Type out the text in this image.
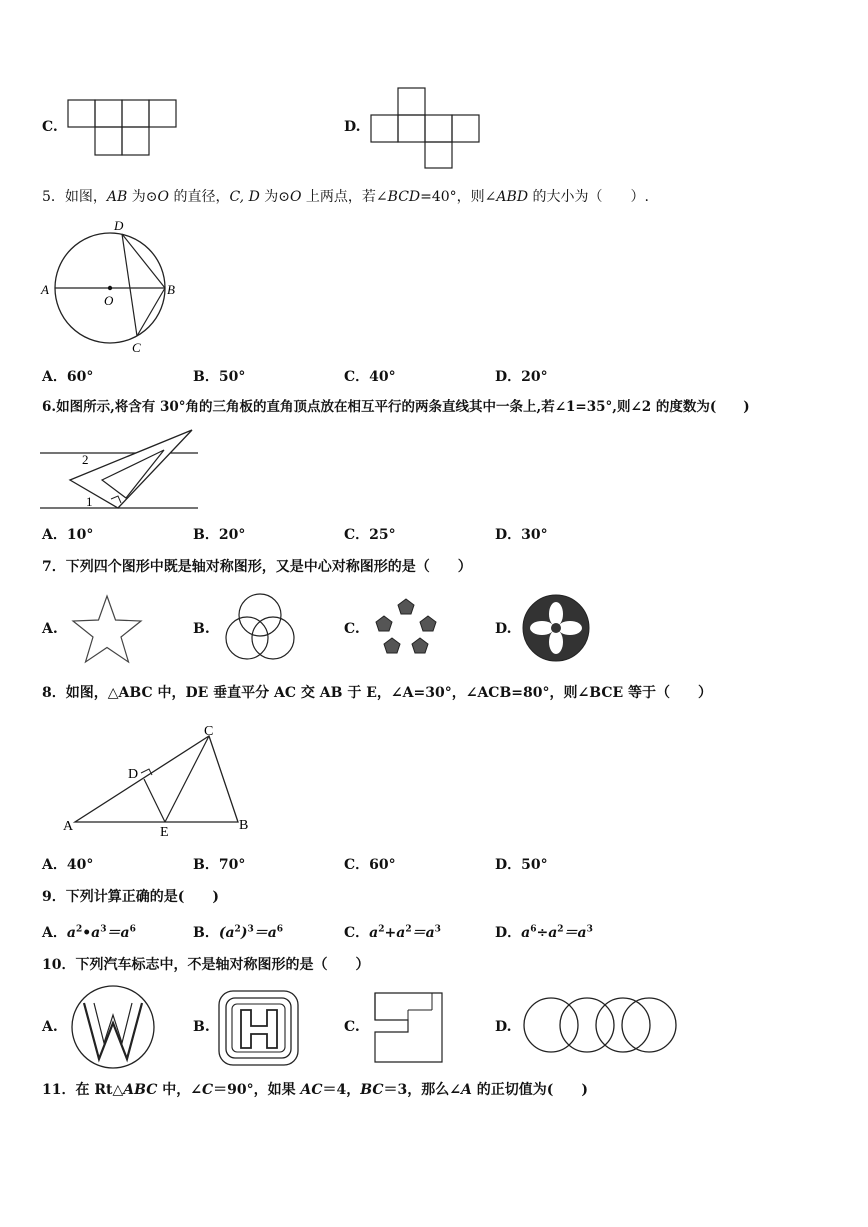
C.	D.
5．如图，AB 为⊙O 的直径，C, D 为⊙O 上两点，若∠BCD=40°，则∠ABD 的大小为（　　）.
A	B
C
D
O
A．60°	B．50°	C．40°	D．20°
6.如图所示,将含有 30°角的三角板的直角顶点放在相互平行的两条直线其中一条上,若∠1=35°,则∠2 的度数为(　　)
2
1
A．10°	B．20°	C．25°	D．30°
7．下列四个图形中既是轴对称图形，又是中心对称图形的是（　　）
A.	B.	C.	D.
8．如图，△ABC 中，DE 垂直平分 AC 交 AB 于 E，∠A=30°，∠ACB=80°，则∠BCE 等于（　　）
A	B
C
D
E
A．40°	B．70°	C．60°	D．50°
9．下列计算正确的是(　　)
A．$a^2•a^3=a^6$	B．$(a^2)^3=a^6$	C．$a^2+a^2=a^3$	D．$a^6\div a^2=a^3$
10．下列汽车标志中，不是轴对称图形的是（　　）
A.	B.	C.	D.
11．在 Rt△ABC 中，∠C＝90°，如果 AC＝4，BC＝3，那么∠A 的正切值为(　　)
